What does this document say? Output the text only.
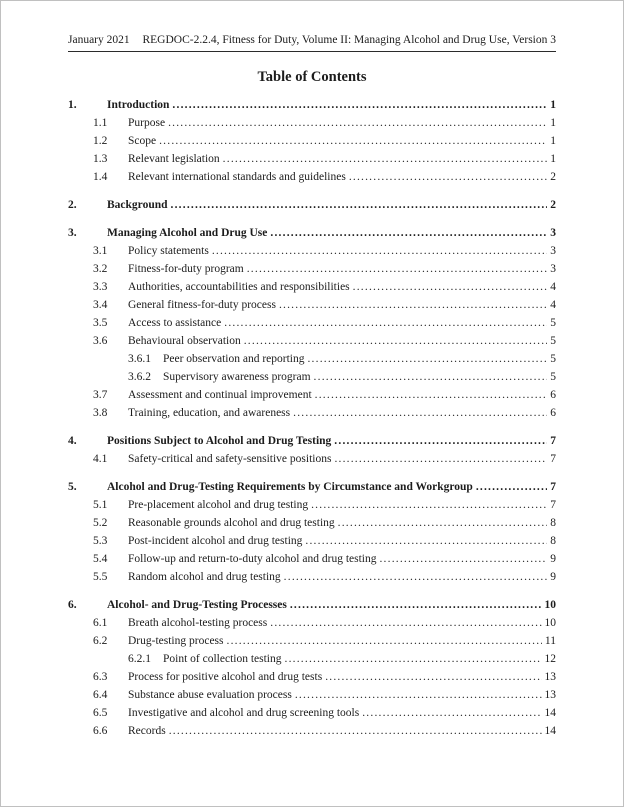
January 2021 REGDOC-2.2.4, Fitness for Duty, Volume II: Managing Alcohol and Drug Use, Version 3
Table of Contents
1.	Introduction .....	1
1.1	Purpose .....	1
1.2	Scope .....	1
1.3	Relevant legislation .....	1
1.4	Relevant international standards and guidelines .....	2
2.	Background .....	2
3.	Managing Alcohol and Drug Use .....	3
3.1	Policy statements .....	3
3.2	Fitness-for-duty program .....	3
3.3	Authorities, accountabilities and responsibilities .....	4
3.4	General fitness-for-duty process .....	4
3.5	Access to assistance .....	5
3.6	Behavioural observation .....	5
3.6.1	Peer observation and reporting .....	5
3.6.2	Supervisory awareness program .....	5
3.7	Assessment and continual improvement .....	6
3.8	Training, education, and awareness .....	6
4.	Positions Subject to Alcohol and Drug Testing .....	7
4.1	Safety-critical and safety-sensitive positions .....	7
5.	Alcohol and Drug-Testing Requirements by Circumstance and Workgroup .....	7
5.1	Pre-placement alcohol and drug testing .....	7
5.2	Reasonable grounds alcohol and drug testing .....	8
5.3	Post-incident alcohol and drug testing .....	8
5.4	Follow-up and return-to-duty alcohol and drug testing .....	9
5.5	Random alcohol and drug testing .....	9
6.	Alcohol- and Drug-Testing Processes .....	10
6.1	Breath alcohol-testing process .....	10
6.2	Drug-testing process .....	11
6.2.1	Point of collection testing .....	12
6.3	Process for positive alcohol and drug tests .....	13
6.4	Substance abuse evaluation process .....	13
6.5	Investigative and alcohol and drug screening tools .....	14
6.6	Records .....	14
